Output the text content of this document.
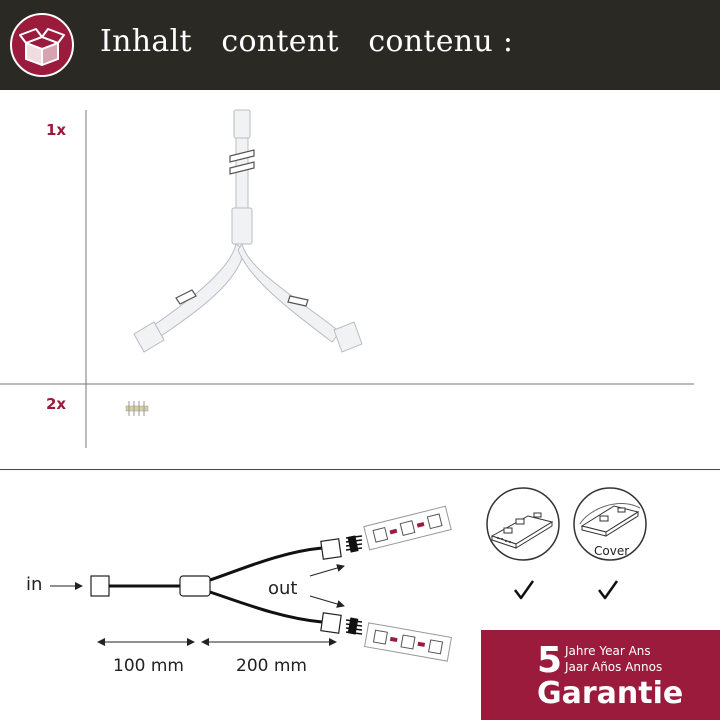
Inhalt   content   contenu :
1x
2x
in	out
100 mm	200 mm
Cover
5 Jahre Year Ans
Jaar Años Annos
Garantie
